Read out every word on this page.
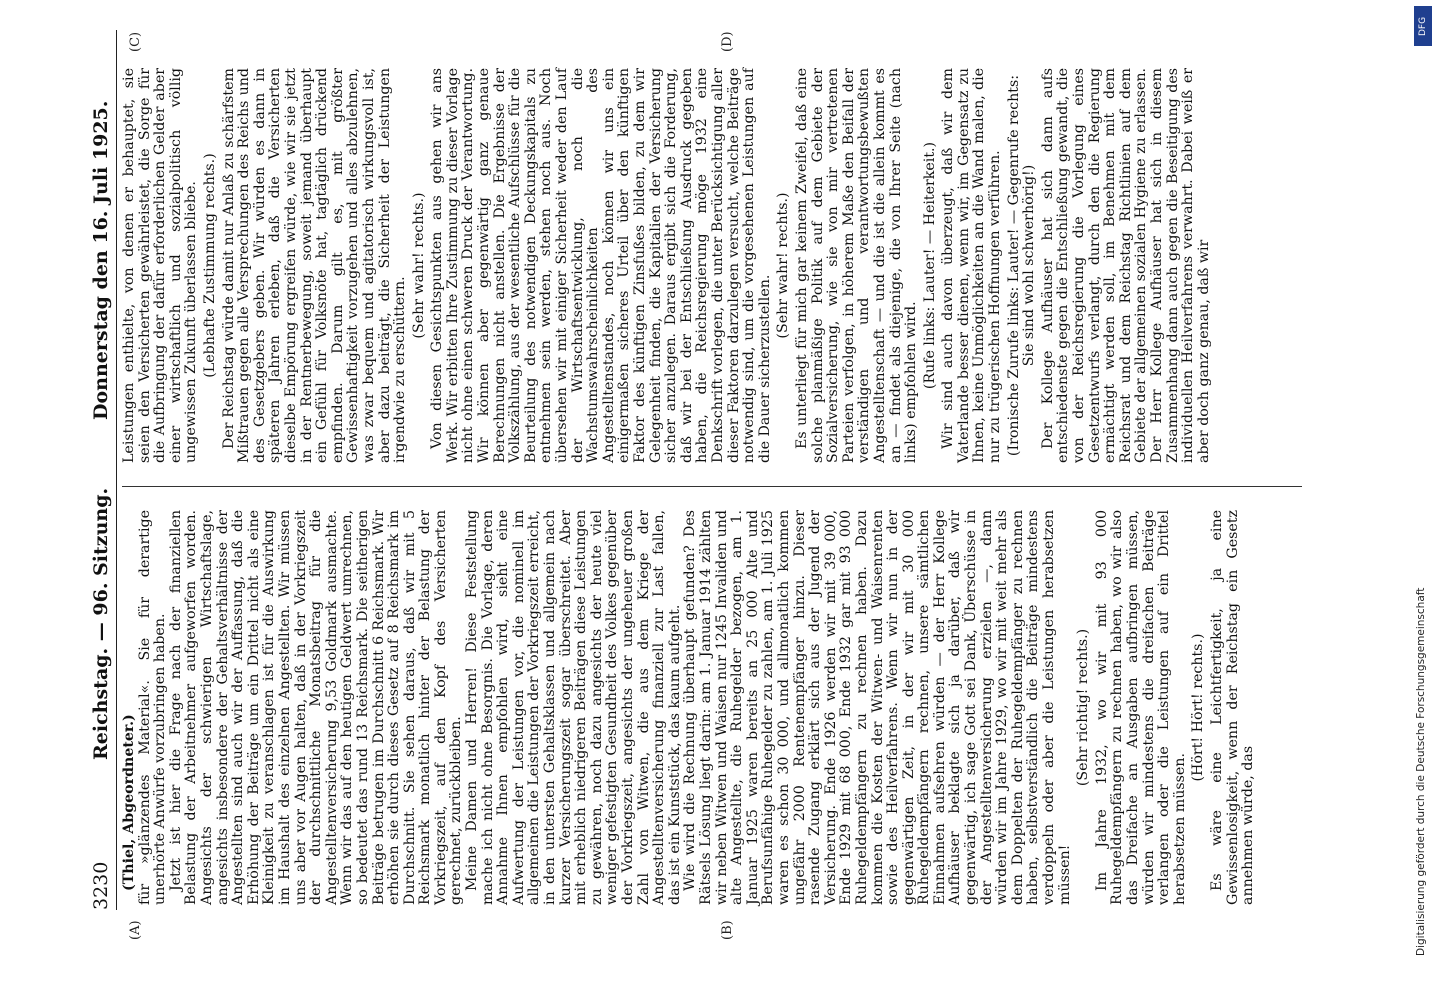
3230
Reichstag. — 96. Sitzung.
Donnerstag den 16. Juli 1925.
(A)	(B)
(C)	(D)

(Thiel, Abgeordneter.) für »glänzendes Material«. Sie für derartige unerhörte Anwürfe vorzubringen haben. Jetzt ist hier die Frage nach der finanziellen Belastung der Arbeitnehmer aufgeworfen worden. Angesichts der schwierigen Wirtschaftslage, angesichts insbesondere der Gehaltsverhältnisse der Angestellten sind auch wir der Auffassung, daß die Erhöhung der Beiträge um ein Drittel nicht als eine Kleinigkeit zu veranschlagen ist für die Auswirkung im Haushalt des einzelnen Angestellten. Wir müssen uns aber vor Augen halten, daß in der Vorkriegszeit der durchschnittliche Monatsbeitrag für die Angestelltenversicherung 9,53 Goldmark ausmachte. Wenn wir das auf den heutigen Geldwert umrechnen, so bedeutet das rund 13 Reichsmark. Die seitherigen Beiträge betrugen im Durchschnitt 6 Reichsmark. Wir erhöhen sie durch dieses Gesetz auf 8 Reichsmark im Durchschnitt. Sie sehen daraus, daß wir mit 5 Reichsmark monatlich hinter der Belastung der Vorkriegszeit, auf den Kopf des Versicherten gerechnet, zurückbleiben. Meine Damen und Herren! Diese Feststellung mache ich nicht ohne Besorgnis. Die Vorlage, deren Annahme Ihnen empfohlen wird, sieht eine Aufwertung der Leistungen vor, die nominell im allgemeinen die Leistungen der Vorkriegszeit erreicht, in den untersten Gehaltsklassen und allgemein nach kurzer Versicherungszeit sogar überschreitet. Aber mit erheblich niedrigeren Beiträgen diese Leistungen zu gewähren, noch dazu angesichts der heute viel weniger gefestigten Gesundheit des Volkes gegenüber der Vorkriegszeit, angesichts der ungeheuer großen Zahl von Witwen, die aus dem Kriege der Angestelltenversicherung finanziell zur Last fallen, das ist ein Kunststück, das kaum aufgeht. Wie wird die Rechnung überhaupt gefunden? Des Rätsels Lösung liegt darin: am 1. Januar 1914 zählten wir neben Witwen und Waisen nur 1245 Invaliden und alte Angestellte, die Ruhegelder bezogen, am 1. Januar 1925 waren bereits an 25 000 Alte und Berufsunfähige Ruhegelder zu zahlen, am 1. Juli 1925 waren es schon 30 000, und allmonatlich kommen ungefähr 2000 Rentenempfänger hinzu. Dieser rasende Zugang erklärt sich aus der Jugend der Versicherung. Ende 1926 werden wir mit 39 000, Ende 1929 mit 68 000, Ende 1932 gar mit 93 000 Ruhegeldempfängern zu rechnen haben. Dazu kommen die Kosten der Witwen- und Waisenrenten sowie des Heilverfahrens. Wenn wir nun in der gegenwärtigen Zeit, in der wir mit 30 000 Ruhegeldempfängern rechnen, unsere sämtlichen Einnahmen aufsehren würden — der Herr Kollege Aufhäuser beklagte sich ja darüber, daß wir gegenwärtig, ich sage Gott sei Dank, Überschüsse in der Angestelltenversicherung erzielen —, dann würden wir im Jahre 1929, wo wir mit weit mehr als dem Doppelten der Ruhegeldempfänger zu rechnen haben, selbstverständlich die Beiträge mindestens verdoppeln oder aber die Leistungen herabsetzen müssen!

(Sehr richtig! rechts.) Im Jahre 1932, wo wir mit 93 000 Ruhegeldempfängern zu rechnen haben, wo wir also das Dreifache an Ausgaben aufbringen müssen, würden wir mindestens die dreifachen Beiträge verlangen oder die Leistungen auf ein Drittel herabsetzen müssen.

(Hört! Hört! rechts.) Es wäre eine Leichtfertigkeit, ja eine Gewissenlosigkeit, wenn der Reichstag ein Gesetz annehmen würde, das

Leistungen enthielte, von denen er behauptet, sie seien den Versicherten gewährleistet, die Sorge für die Aufbringung der dafür erforderlichen Gelder aber einer wirtschaftlich und sozialpolitisch völlig ungewissen Zukunft überlassen bliebe. (Lebhafte Zustimmung rechts.) Der Reichstag würde damit nur Anlaß zu schärfstem Mißtrauen gegen alle Versprechungen des Reichs und des Gesetzgebers geben. Wir würden es dann in späteren Jahren erleben, daß die Versicherten dieselbe Empörung ergreifen würde, wie wir sie jetzt in der Rentnerbewegung, soweit jemand überhaupt ein Gefühl für Volksnöte hat, tagtäglich drückend empfinden. Darum gilt es, mit größter Gewissenhaftigkeit vorzugehen und alles abzulehnen, was zwar bequem und agitatorisch wirkungsvoll ist, aber dazu beiträgt, die Sicherheit der Leistungen irgendwie zu erschüttern.

(Sehr wahr! rechts.) Von diesen Gesichtspunkten aus gehen wir ans Werk. Wir erbitten Ihre Zustimmung zu dieser Vorlage nicht ohne einen schweren Druck der Verantwortung. Wir können aber gegenwärtig ganz genaue Berechnungen nicht anstellen. Die Ergebnisse der Volkszählung, aus der wesentliche Aufschlüsse für die Beurteilung des notwendigen Deckungskapitals zu entnehmen sein werden, stehen noch aus. Noch übersehen wir mit einiger Sicherheit weder den Lauf der Wirtschaftsentwicklung, noch die Wachstumswahrscheinlichkeiten des Angestelltenstandes, noch können wir uns ein einigermaßen sicheres Urteil über den künftigen Faktor des künftigen Zinsfußes bilden, zu dem wir Gelegenheit finden, die Kapitalien der Versicherung sicher anzulegen. Daraus ergibt sich die Forderung, daß wir bei der Entschließung Ausdruck gegeben haben, die Reichsregierung möge 1932 eine Denkschrift vorlegen, die unter Berücksichtigung aller dieser Faktoren darzulegen versucht, welche Beiträge notwendig sind, um die vorgesehenen Leistungen auf die Dauer sicherzustellen.

(Sehr wahr! rechts.) Es unterliegt für mich gar keinem Zweifel, daß eine solche planmäßige Politik auf dem Gebiete der Sozialversicherung, wie sie von mir vertretenen Parteien verfolgen, in höherem Maße den Beifall der verständigen und verantwortungsbewußten Angestelltenschaft — und die ist die allein kommt es an — findet als diejenige, die von Ihrer Seite (nach links) empfohlen wird. (Rufe links: Lauter! — Heiterkeit.) Wir sind auch davon überzeugt, daß wir dem Vaterlande besser dienen, wenn wir, im Gegensatz zu Ihnen, keine Unmöglichkeiten an die Wand malen, die nur zu trügerischen Hoffnungen verführen. (Ironische Zurufe links: Lauter! — Gegenrufe rechts: Sie sind wohl schwerhörig!) Der Kollege Aufhäuser hat sich dann aufs entschiedenste gegen die Entschließung gewandt, die von der Reichsregierung die Vorlegung eines Gesetzentwurfs verlangt, durch den die Regierung ermächtigt werden soll, im Benehmen mit dem Reichsrat und dem Reichstag Richtlinien auf dem Gebiete der allgemeinen sozialen Hygiene zu erlassen. Der Herr Kollege Aufhäuser hat sich in diesem Zusammenhang dann auch gegen die Beseitigung des individuellen Heilverfahrens verwahrt. Dabei weiß er aber doch ganz genau, daß wir

DFG
Digitalisierung gefördert durch die Deutsche Forschungsgemeinschaft
